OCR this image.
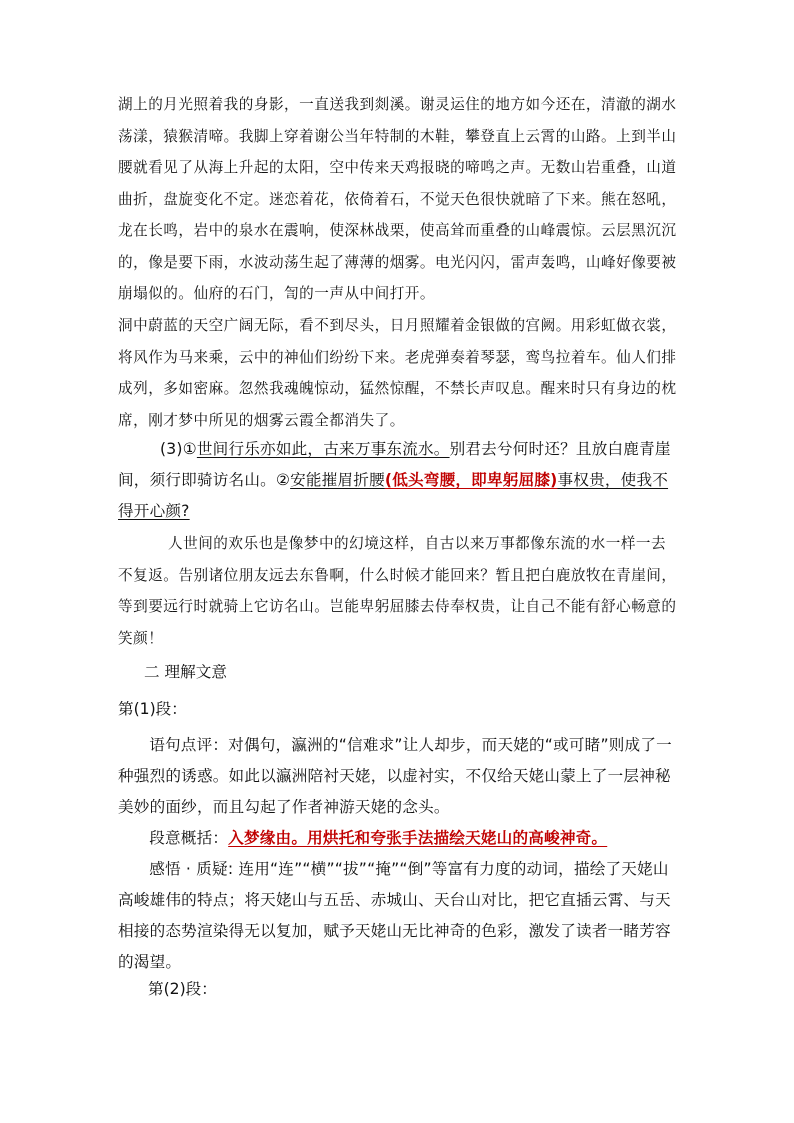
湖上的月光照着我的身影，一直送我到剡溪。谢灵运住的地方如今还在，清澈的湖水荡漾，猿猴清啼。我脚上穿着谢公当年特制的木鞋，攀登直上云霄的山路。上到半山腰就看见了从海上升起的太阳，空中传来天鸡报晓的啼鸣之声。无数山岩重叠，山道曲折，盘旋变化不定。迷恋着花，依倚着石，不觉天色很快就暗了下来。熊在怒吼，龙在长鸣，岩中的泉水在震响，使深林战栗，使高耸而重叠的山峰震惊。云层黑沉沉的，像是要下雨，水波动荡生起了薄薄的烟雾。电光闪闪，雷声轰鸣，山峰好像要被崩塌似的。仙府的石门，訇的一声从中间打开。

洞中蔚蓝的天空广阔无际，看不到尽头，日月照耀着金银做的宫阙。用彩虹做衣裳，将风作为马来乘，云中的神仙们纷纷下来。老虎弹奏着琴瑟，鸾鸟拉着车。仙人们排成列，多如密麻。忽然我魂魄惊动，猛然惊醒，不禁长声叹息。醒来时只有身边的枕席，刚才梦中所见的烟雾云霞全都消失了。

(3)①世间行乐亦如此，古来万事东流水。别君去兮何时还？且放白鹿青崖间，须行即骑访名山。②安能摧眉折腰(低头弯腰，即卑躬屈膝)事权贵，使我不得开心颜?

人世间的欢乐也是像梦中的幻境这样，自古以来万事都像东流的水一样一去不复返。告别诸位朋友远去东鲁啊，什么时候才能回来？暂且把白鹿放牧在青崖间，等到要远行时就骑上它访名山。岂能卑躬屈膝去侍奉权贵，让自己不能有舒心畅意的笑颜！

二 理解文意

第(1)段：

语句点评：对偶句，瀛洲的“信难求”让人却步，而天姥的“或可睹”则成了一种强烈的诱惑。如此以瀛洲陪衬天姥，以虚衬实，不仅给天姥山蒙上了一层神秘美妙的面纱，而且勾起了作者神游天姥的念头。

段意概括：入梦缘由。用烘托和夸张手法描绘天姥山的高峻神奇。

感悟 · 质疑: 连用“连”“横”“拔”“掩”“倒”等富有力度的动词，描绘了天姥山高峻雄伟的特点；将天姥山与五岳、赤城山、天台山对比，把它直插云霄、与天相接的态势渲染得无以复加，赋予天姥山无比神奇的色彩，激发了读者一睹芳容的渴望。

第(2)段：
